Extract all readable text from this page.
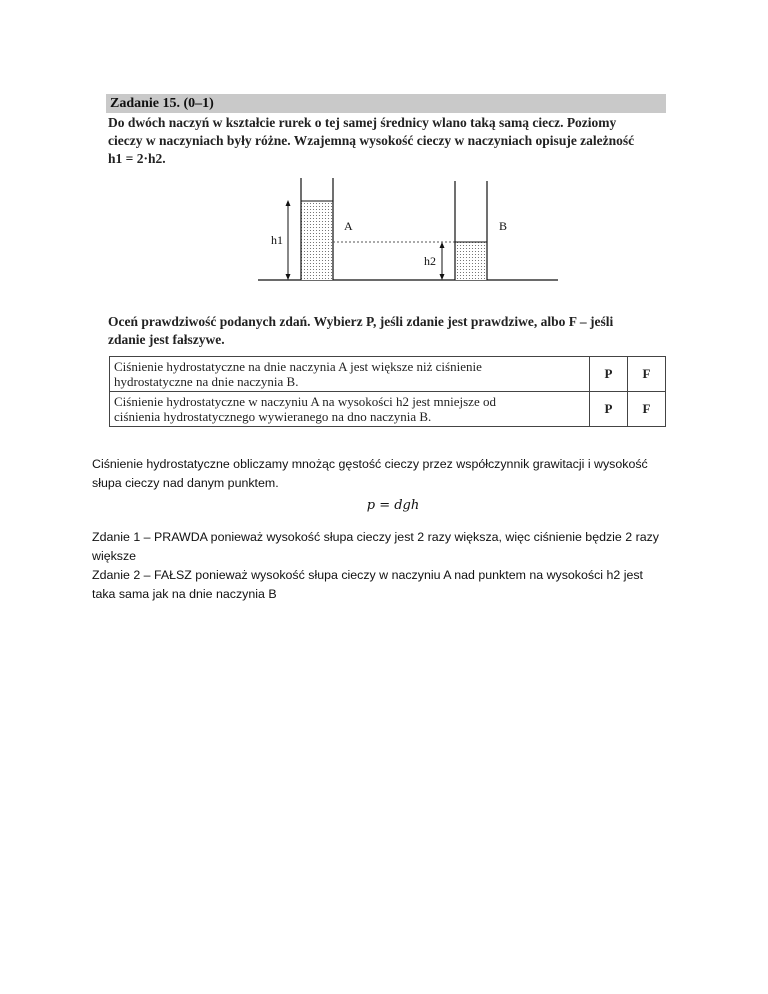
Zadanie 15. (0–1)
Do dwóch naczyń w kształcie rurek o tej samej średnicy wlano taką samą ciecz. Poziomy
cieczy w naczyniach były różne. Wzajemną wysokość cieczy w naczyniach opisuje zależność
h1 = 2·h2.
h1
h2
A	B
Oceń prawdziwość podanych zdań. Wybierz P, jeśli zdanie jest prawdziwe, albo F – jeśli
zdanie jest fałszywe.
Ciśnienie hydrostatyczne na dnie naczynia A jest większe niż ciśnienie
hydrostatyczne na dnie naczynia B.	P	F

Ciśnienie hydrostatyczne w naczyniu A na wysokości h2 jest mniejsze od
ciśnienia hydrostatycznego wywieranego na dno naczynia B.	P	F

Ciśnienie hydrostatyczne obliczamy mnożąc gęstość cieczy przez współczynnik grawitacji i wysokość

słupa cieczy nad danym punktem.

p = dgh

Zdanie 1 – PRAWDA ponieważ wysokość słupa cieczy jest 2 razy większa, więc ciśnienie będzie 2 razy

większe

Zdanie 2 – FAŁSZ ponieważ wysokość słupa cieczy w naczyniu A nad punktem na wysokości h2 jest

taka sama jak na dnie naczynia B
